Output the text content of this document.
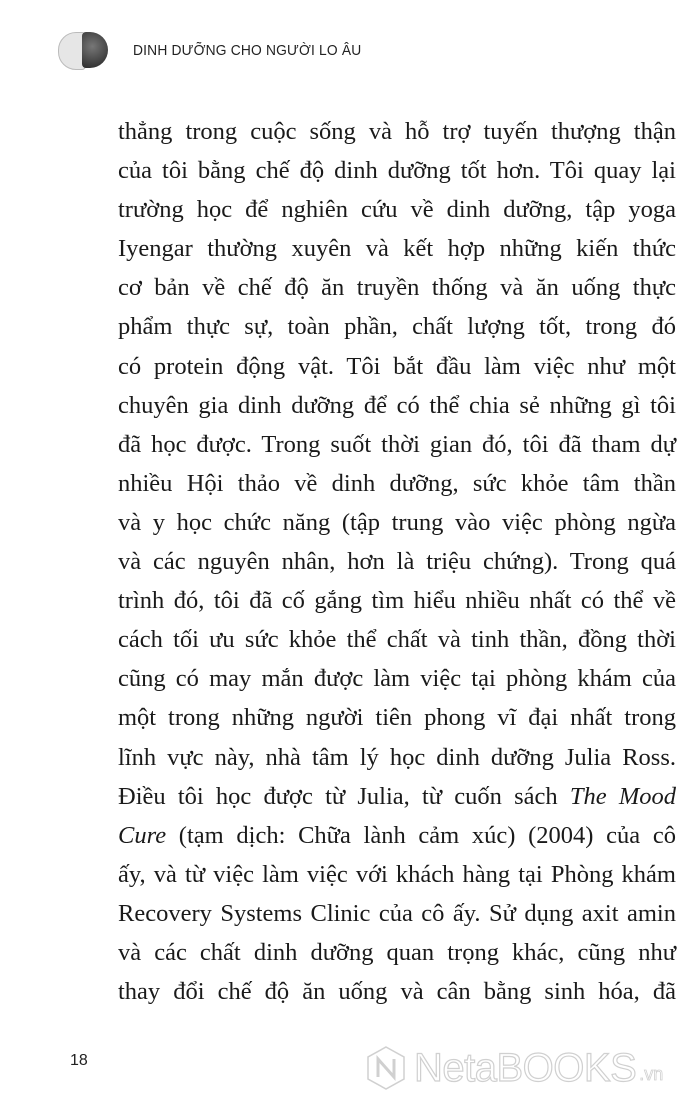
DINH DƯỠNG CHO NGƯỜI LO ÂU
thẳng trong cuộc sống và hỗ trợ tuyến thượng thận
của tôi bằng chế độ dinh dưỡng tốt hơn. Tôi quay lại
trường học để nghiên cứu về dinh dưỡng, tập yoga
Iyengar thường xuyên và kết hợp những kiến thức
cơ bản về chế độ ăn truyền thống và ăn uống thực
phẩm thực sự, toàn phần, chất lượng tốt, trong đó
có protein động vật. Tôi bắt đầu làm việc như một
chuyên gia dinh dưỡng để có thể chia sẻ những gì tôi
đã học được. Trong suốt thời gian đó, tôi đã tham dự
nhiều Hội thảo về dinh dưỡng, sức khỏe tâm thần
và y học chức năng (tập trung vào việc phòng ngừa
và các nguyên nhân, hơn là triệu chứng). Trong quá
trình đó, tôi đã cố gắng tìm hiểu nhiều nhất có thể về
cách tối ưu sức khỏe thể chất và tinh thần, đồng thời
cũng có may mắn được làm việc tại phòng khám của
một trong những người tiên phong vĩ đại nhất trong
lĩnh vực này, nhà tâm lý học dinh dưỡng Julia Ross.
Điều tôi học được từ Julia, từ cuốn sách The Mood
Cure (tạm dịch: Chữa lành cảm xúc) (2004) của cô
ấy, và từ việc làm việc với khách hàng tại Phòng khám
Recovery Systems Clinic của cô ấy. Sử dụng axit amin
và các chất dinh dưỡng quan trọng khác, cũng như
thay đổi chế độ ăn uống và cân bằng sinh hóa, đã
18	NetaBOOKS .vn
